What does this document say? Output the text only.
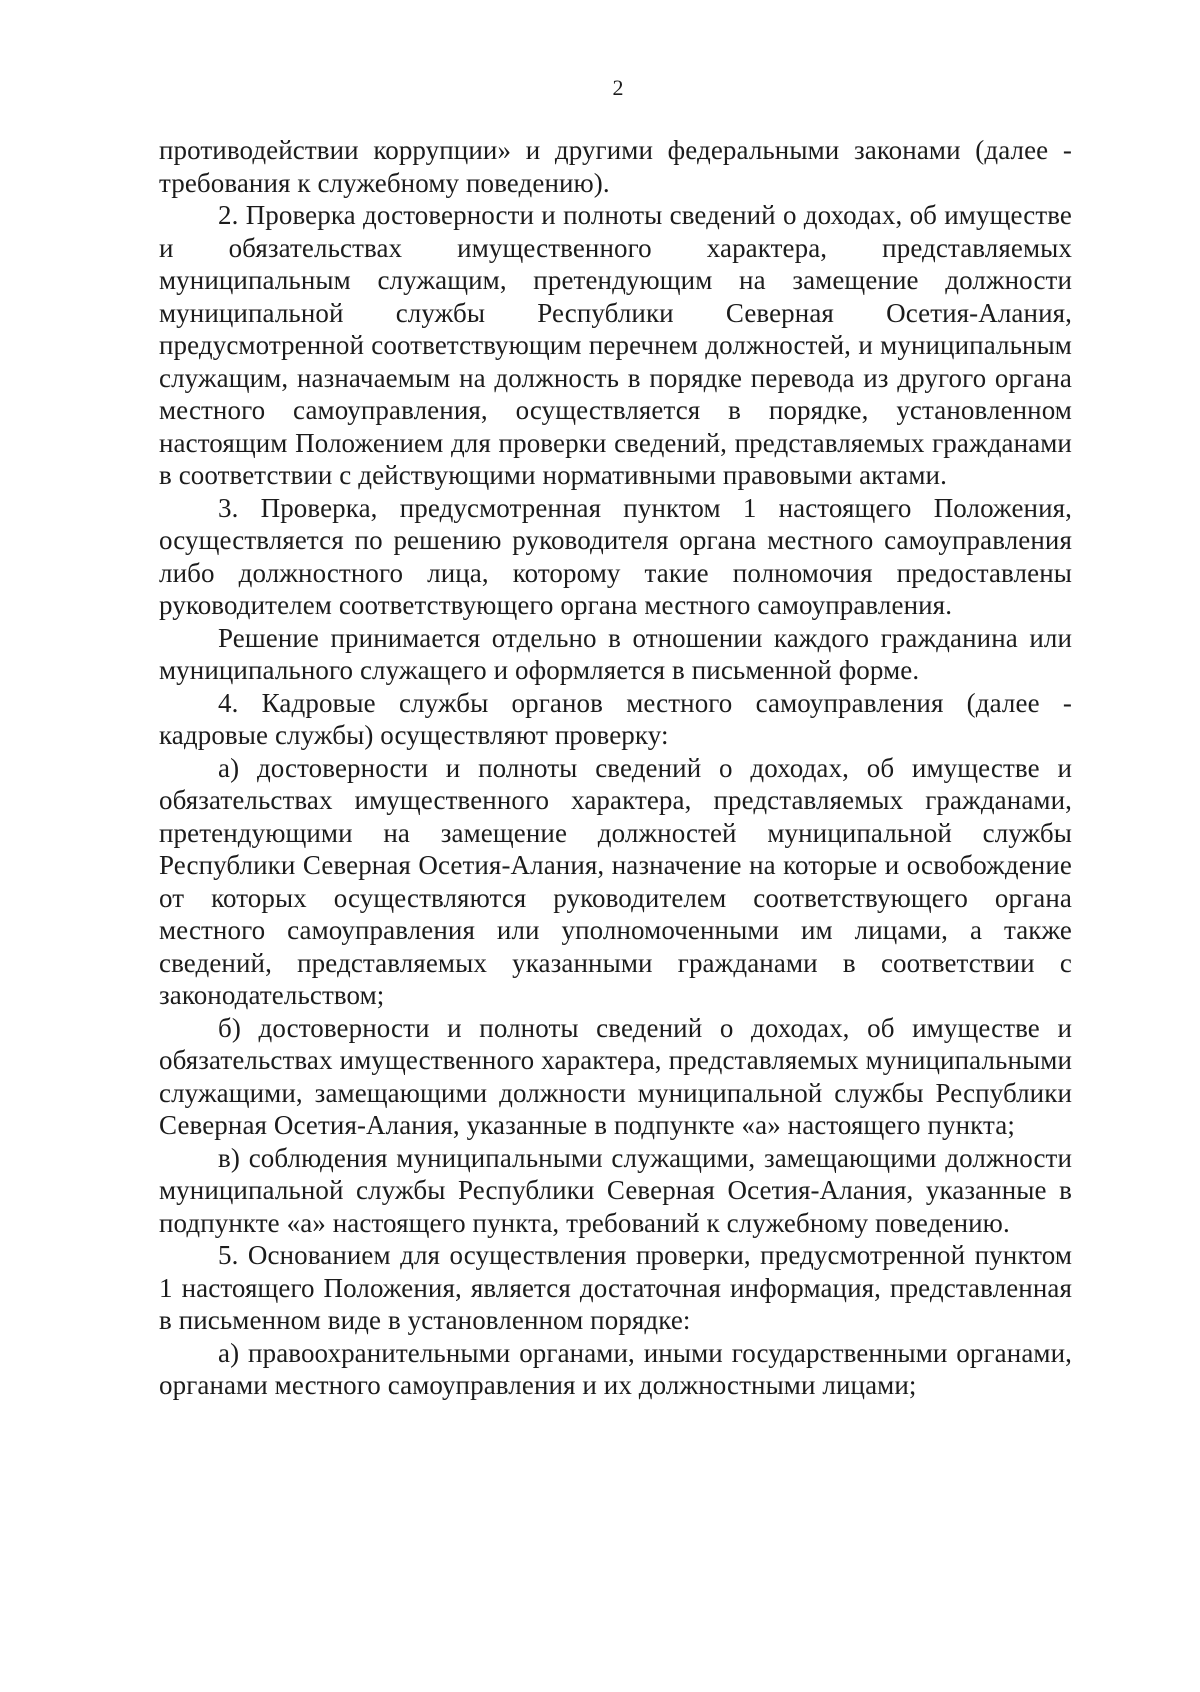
2

противодействии коррупции» и другими федеральными законами (далее - требования к служебному поведению).

2. Проверка достоверности и полноты сведений о доходах, об имуществе и обязательствах имущественного характера, представляемых муниципальным служащим, претендующим на замещение должности муниципальной службы Республики Северная Осетия-Алания, предусмотренной соответствующим перечнем должностей, и муниципальным служащим, назначаемым на должность в порядке перевода из другого органа местного самоуправления, осуществляется в порядке, установленном настоящим Положением для проверки сведений, представляемых гражданами в соответствии с действующими нормативными правовыми актами.

3. Проверка, предусмотренная пунктом 1 настоящего Положения, осуществляется по решению руководителя органа местного самоуправления либо должностного лица, которому такие полномочия предоставлены руководителем соответствующего органа местного самоуправления.

Решение принимается отдельно в отношении каждого гражданина или муниципального служащего и оформляется в письменной форме.

4. Кадровые службы органов местного самоуправления (далее - кадровые службы) осуществляют проверку:

а) достоверности и полноты сведений о доходах, об имуществе и обязательствах имущественного характера, представляемых гражданами, претендующими на замещение должностей муниципальной службы Республики Северная Осетия-Алания, назначение на которые и освобождение от которых осуществляются руководителем соответствующего органа местного самоуправления или уполномоченными им лицами, а также сведений, представляемых указанными гражданами в соответствии с законодательством;

б) достоверности и полноты сведений о доходах, об имуществе и обязательствах имущественного характера, представляемых муниципальными служащими, замещающими должности муниципальной службы Республики Северная Осетия-Алания, указанные в подпункте «а» настоящего пункта;

в) соблюдения муниципальными служащими, замещающими должности муниципальной службы Республики Северная Осетия-Алания, указанные в подпункте «а» настоящего пункта, требований к служебному поведению.

5. Основанием для осуществления проверки, предусмотренной пунктом 1 настоящего Положения, является достаточная информация, представленная в письменном виде в установленном порядке:

а) правоохранительными органами, иными государственными органами, органами местного самоуправления и их должностными лицами;
